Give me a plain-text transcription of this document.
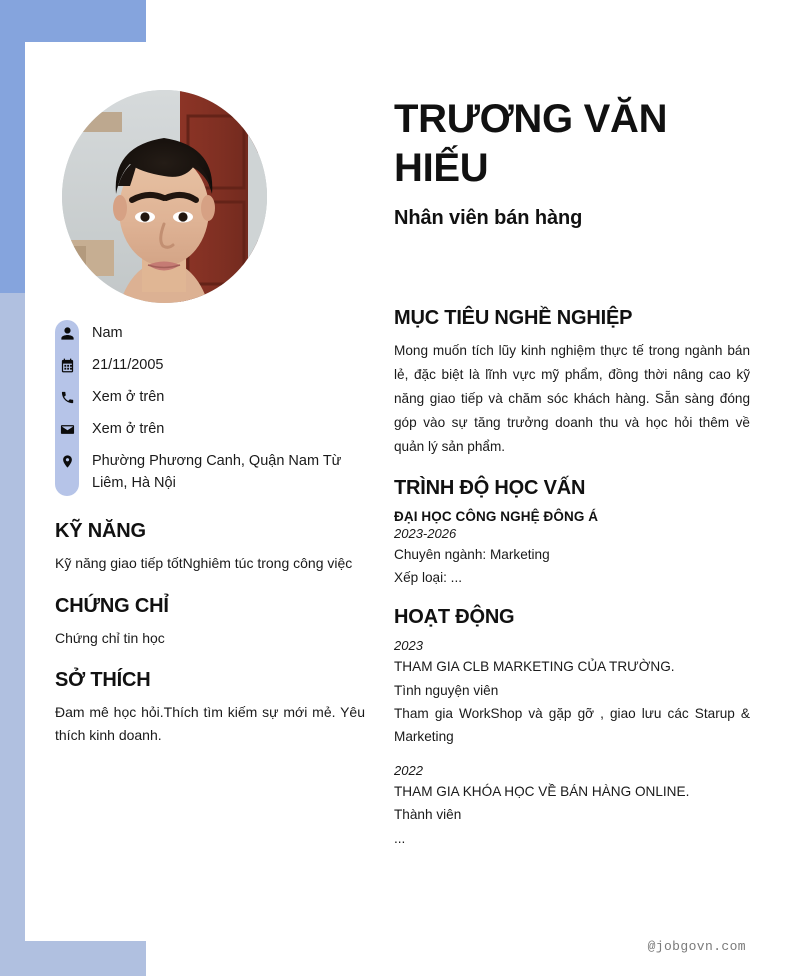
Nam
21/11/2005
Xem ở trên
Xem ở trên
Phường Phương Canh, Quận Nam Từ Liêm, Hà Nội
KỸ NĂNG

Kỹ năng giao tiếp tốtNghiêm túc trong công việc

CHỨNG CHỈ

Chứng chỉ tin học

SỞ THÍCH

Đam mê học hỏi.Thích tìm kiếm sự mới mẻ. Yêu thích kinh doanh.

TRƯƠNG VĂN HIẾU

Nhân viên bán hàng

MỤC TIÊU NGHỀ NGHIỆP

Mong muốn tích lũy kinh nghiệm thực tế trong ngành bán lẻ, đặc biệt là lĩnh vực mỹ phẩm, đồng thời nâng cao kỹ năng giao tiếp và chăm sóc khách hàng. Sẵn sàng đóng góp vào sự tăng trưởng doanh thu và học hỏi thêm về quản lý sản phẩm.

TRÌNH ĐỘ HỌC VẤN

ĐẠI HỌC CÔNG NGHỆ ĐÔNG Á

2023-2026

Chuyên ngành: Marketing

Xếp loại: ...

HOẠT ĐỘNG

2023

THAM GIA CLB MARKETING CỦA TRƯỜNG.

Tình nguyện viên

Tham gia WorkShop và gặp gỡ , giao lưu các Starup & Marketing

2022

THAM GIA KHÓA HỌC VỀ BÁN HÀNG ONLINE.

Thành viên

...

@jobgovn.com
